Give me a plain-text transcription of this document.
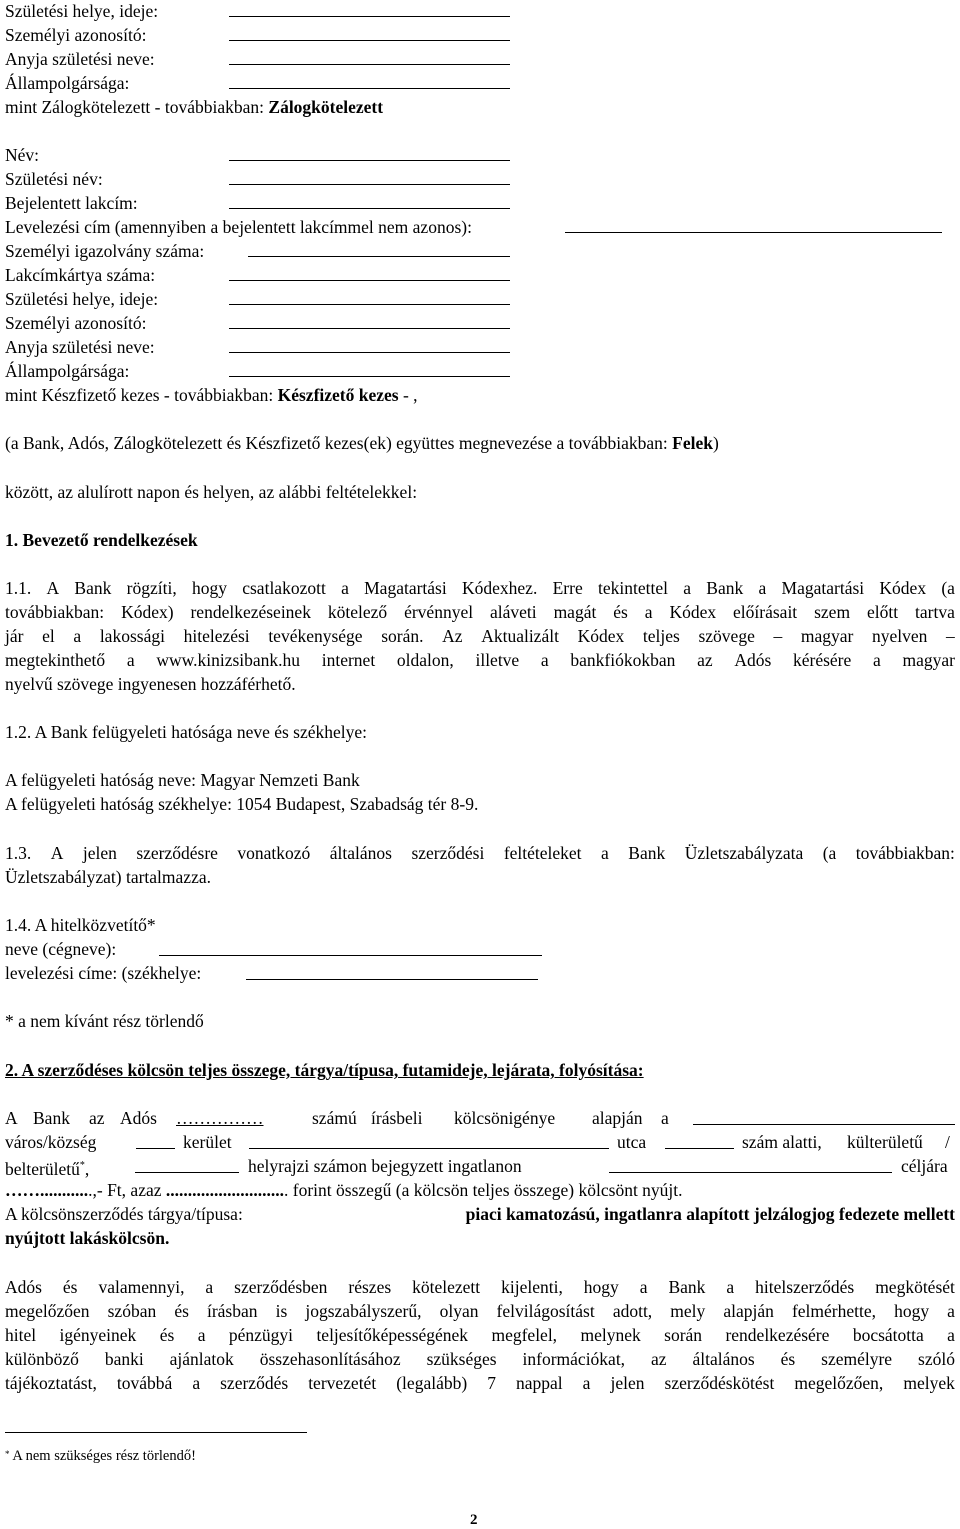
Születési helye, ideje:
Személyi azonosító:
Anyja születési neve:
Állampolgársága:
mint Zálogkötelezett - továbbiakban: Zálogkötelezett
Név:
Születési név:
Bejelentett lakcím:
Levelezési cím (amennyiben a bejelentett lakcímmel nem azonos):
Személyi igazolvány száma:
Lakcímkártya száma:
Születési helye, ideje:
Személyi azonosító:
Anyja születési neve:
Állampolgársága:
mint Készfizető kezes - továbbiakban: Készfizető kezes - ,
(a Bank, Adós, Zálogkötelezett és Készfizető kezes(ek) együttes megnevezése a továbbiakban: Felek)
között, az alulírott napon és helyen, az alábbi feltételekkel:
1. Bevezető rendelkezések
1.1. A Bank rögzíti, hogy csatlakozott a Magatartási Kódexhez. Erre tekintettel a Bank a Magatartási Kódex (a
továbbiakban: Kódex) rendelkezéseinek kötelező érvénnyel aláveti magát és a Kódex előírásait szem előtt tartva
jár el a lakossági hitelezési tevékenysége során. Az Aktualizált Kódex teljes szövege – magyar nyelven –
megtekinthető a www.kinizsibank.hu internet oldalon, illetve a bankfiókokban az Adós kérésére a magyar
nyelvű szövege ingyenesen hozzáférhető.
1.2. A Bank felügyeleti hatósága neve és székhelye:
A felügyeleti hatóság neve: Magyar Nemzeti Bank
A felügyeleti hatóság székhelye: 1054 Budapest, Szabadság tér 8-9.
1.3. A jelen szerződésre vonatkozó általános szerződési feltételeket a Bank Üzletszabályzata (a továbbiakban:
Üzletszabályzat) tartalmazza.
1.4. A hitelközvetítő*
neve (cégneve):
levelezési címe: (székhelye:
* a nem kívánt rész törlendő
2. A szerződéses kölcsön teljes összege, tárgya/típusa, futamideje, lejárata, folyósítása:
A Bank az Adós ……………	számú írásbeli kölcsönigénye alapján a
város/község	kerület	utca	szám alatti, külterületű /
belterületű*,	helyrajzi számon bejegyzett ingatlanon	céljára
……............,- Ft, azaz ............................ forint összegű (a kölcsön teljes összege) kölcsönt nyújt.
A kölcsönszerződés tárgya/típusa:	piaci kamatozású, ingatlanra alapított jelzálogjog fedezete mellett
nyújtott lakáskölcsön.
Adós és valamennyi, a szerződésben részes kötelezett kijelenti, hogy a Bank a hitelszerződés megkötését
megelőzően szóban és írásban is jogszabályszerű, olyan felvilágosítást adott, mely alapján felmérhette, hogy a
hitel igényeinek és a pénzügyi teljesítőképességének megfelel, melynek során rendelkezésére bocsátotta a
különböző banki ajánlatok összehasonlításához szükséges információkat, az általános és személyre szóló
tájékoztatást, továbbá a szerződés tervezetét (legalább) 7 nappal a jelen szerződéskötést megelőzően, melyek
* A nem szükséges rész törlendő!
2
